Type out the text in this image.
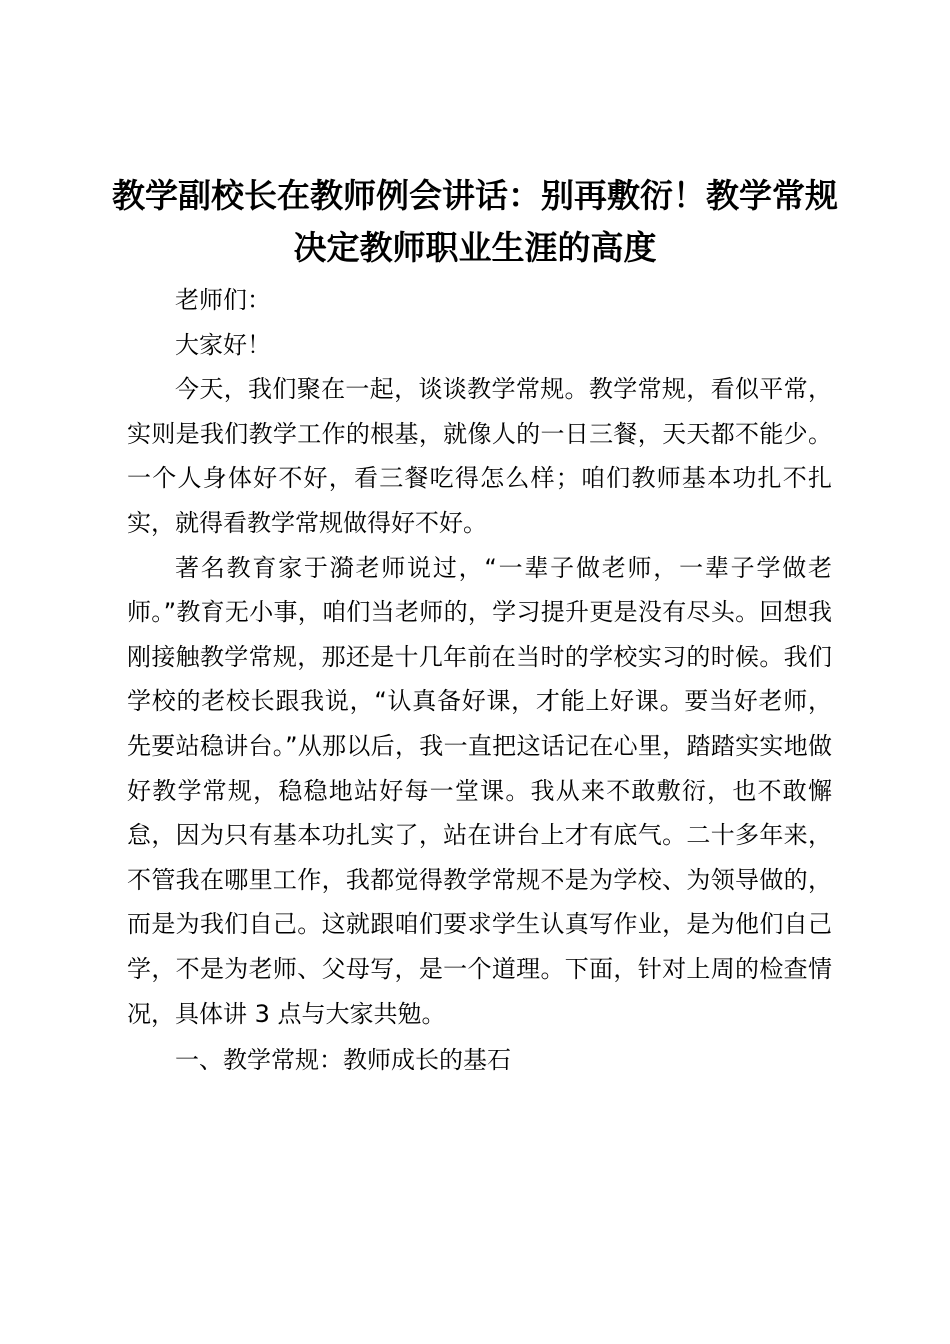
教学副校长在教师例会讲话：别再敷衍！教学常规决定教师职业生涯的高度

老师们：

大家好！

今天，我们聚在一起，谈谈教学常规。教学常规，看似平常，实则是我们教学工作的根基，就像人的一日三餐，天天都不能少。一个人身体好不好，看三餐吃得怎么样；咱们教师基本功扎不扎实，就得看教学常规做得好不好。

著名教育家于漪老师说过，“一辈子做老师，一辈子学做老师。”教育无小事，咱们当老师的，学习提升更是没有尽头。回想我刚接触教学常规，那还是十几年前在当时的学校实习的时候。我们学校的老校长跟我说，“认真备好课，才能上好课。要当好老师，先要站稳讲台。”从那以后，我一直把这话记在心里，踏踏实实地做好教学常规，稳稳地站好每一堂课。我从来不敢敷衍，也不敢懈怠，因为只有基本功扎实了，站在讲台上才有底气。二十多年来，不管我在哪里工作，我都觉得教学常规不是为学校、为领导做的，而是为我们自己。这就跟咱们要求学生认真写作业，是为他们自己学，不是为老师、父母写，是一个道理。下面，针对上周的检查情况，具体讲 3 点与大家共勉。

一、教学常规：教师成长的基石
